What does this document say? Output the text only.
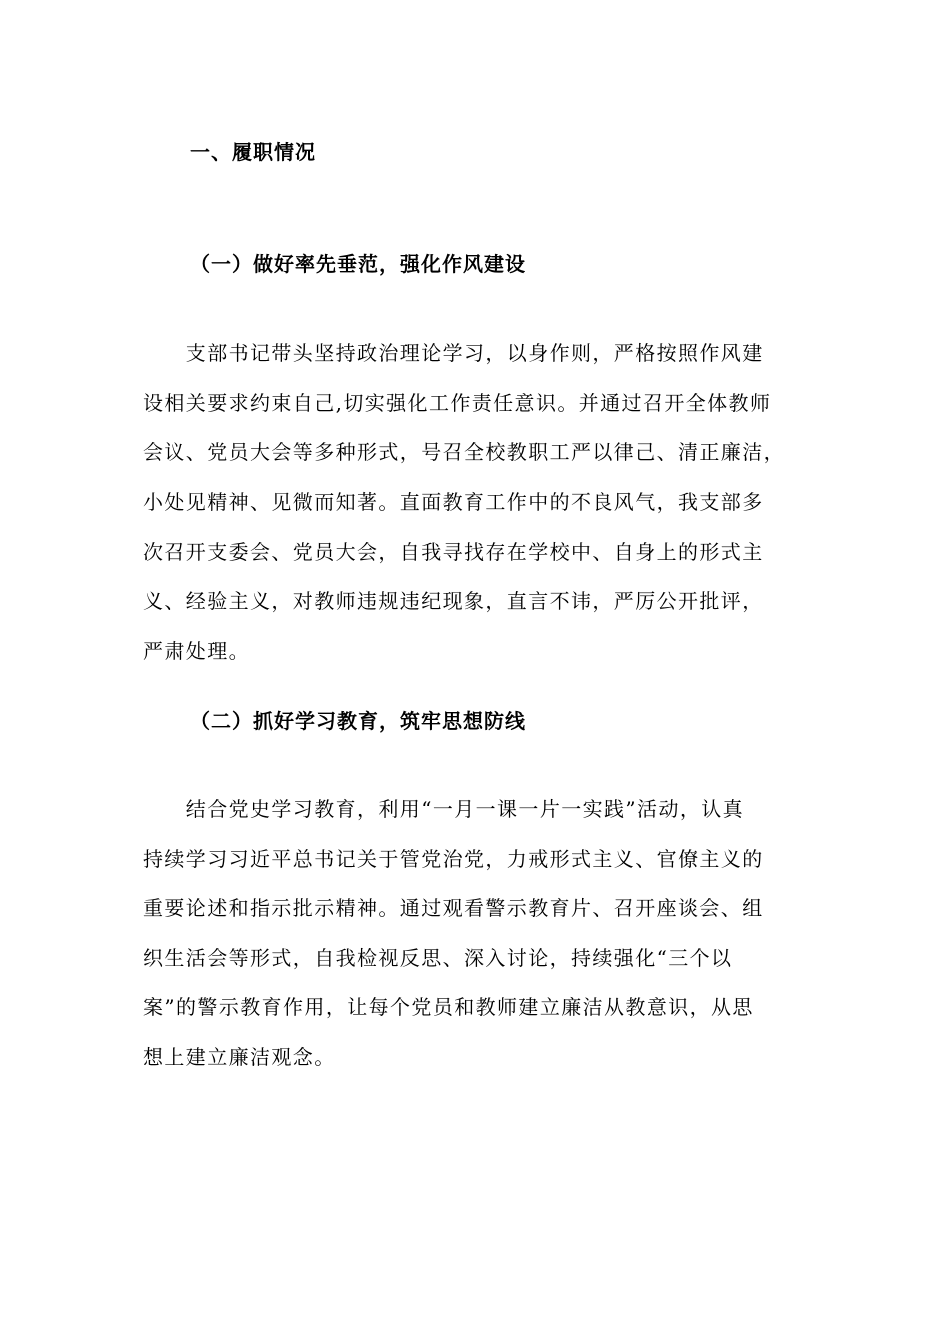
一、履职情况
（一）做好率先垂范，强化作风建设
　　支部书记带头坚持政治理论学习，以身作则，严格按照作风建
设相关要求约束自己,切实强化工作责任意识。并通过召开全体教师
会议、党员大会等多种形式，号召全校教职工严以律己、清正廉洁，
小处见精神、见微而知著。直面教育工作中的不良风气，我支部多
次召开支委会、党员大会，自我寻找存在学校中、自身上的形式主
义、经验主义，对教师违规违纪现象，直言不讳，严厉公开批评，
严肃处理。
（二）抓好学习教育，筑牢思想防线
　　结合党史学习教育，利用“一月一课一片一实践”活动，认真
持续学习习近平总书记关于管党治党，力戒形式主义、官僚主义的
重要论述和指示批示精神。通过观看警示教育片、召开座谈会、组
织生活会等形式，自我检视反思、深入讨论，持续强化“三个以
案”的警示教育作用，让每个党员和教师建立廉洁从教意识，从思
想上建立廉洁观念。
